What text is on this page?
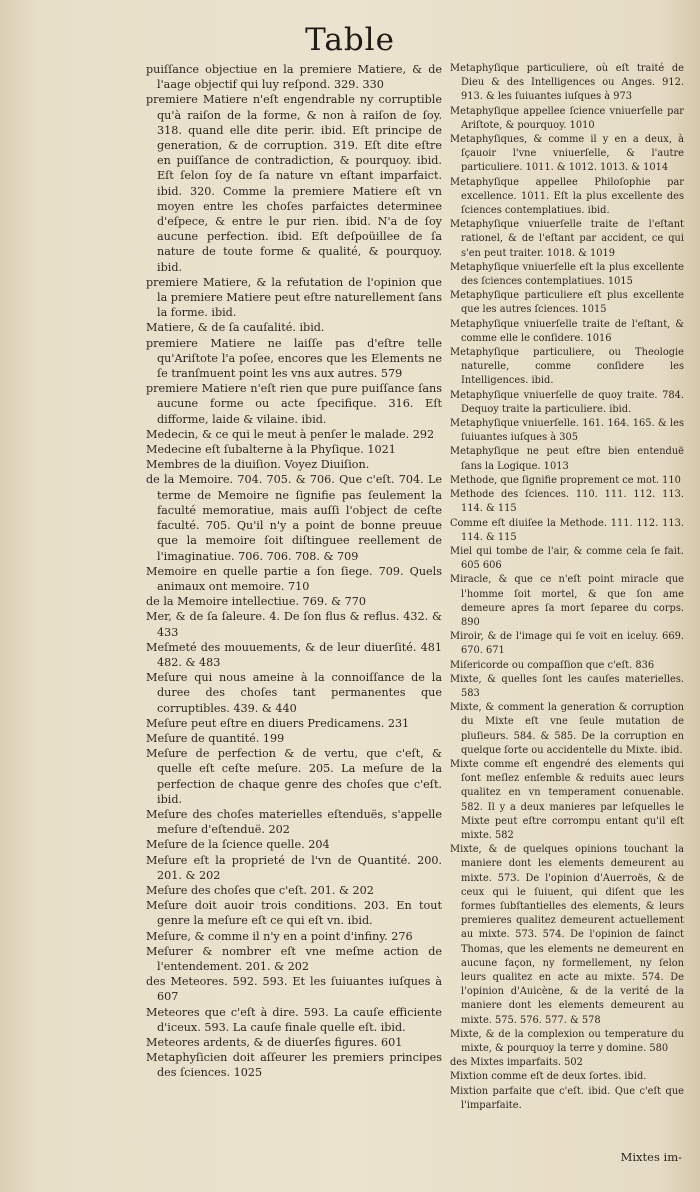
Table

puiſſance objectiue en la premiere Matiere, & de l'aage objectif qui luy reſpond. 329. 330

premiere Matiere n'eſt engendrable ny corruptible qu'à raiſon de la forme, & non à raiſon de ſoy. 318. quand elle dite perir. ibid. Eſt principe de generation, & de corruption. 319. Eſt dite eſtre en puiſſance de contradiction, & pourquoy. ibid. Eſt ſelon ſoy de ſa nature vn eſtant imparfaict. ibid. 320. Comme la premiere Matiere eſt vn moyen entre les choſes parfaictes determinee d'eſpece, & entre le pur rien. ibid. N'a de ſoy aucune perfection. ibid. Eſt deſpoüillee de ſa nature de toute forme & qualité, & pourquoy. ibid.

premiere Matiere, & la refutation de l'opinion que la premiere Matiere peut eſtre naturellement ſans la forme. ibid.

Matiere, & de ſa cauſalité. ibid.

premiere Matiere ne laiſſe pas d'eſtre telle qu'Ariſtote l'a poſee, encores que les Elements ne ſe tranſmuent point les vns aux autres. 579

premiere Matiere n'eſt rien que pure puiſſance ſans aucune forme ou acte ſpecifique. 316. Eſt difforme, laide & vilaine. ibid.

Medecin, & ce qui le meut à penſer le malade. 292

Medecine eſt ſubalterne à la Phyſique. 1021

Membres de la diuiſion. Voyez Diuiſion.

de la Memoire. 704. 705. & 706. Que c'eſt. 704. Le terme de Memoire ne ſignifie pas ſeulement la faculté memoratiue, mais auſſi l'object de ceſte faculté. 705. Qu'il n'y a point de bonne preuue que la memoire ſoit diſtinguee reellement de l'imaginatiue. 706. 706. 708. & 709

Memoire en quelle partie a ſon ſiege. 709. Quels animaux ont memoire. 710

de la Memoire intellectiue. 769. & 770

Mer, & de ſa ſaleure. 4. De ſon flus & reflus. 432. & 433

Meſmeté des mouuements, & de leur diuerſité. 481 482. & 483

Meſure qui nous ameine à la connoiſſance de la duree des choſes tant permanentes que corruptibles. 439. & 440

Meſure peut eſtre en diuers Predicamens. 231

Meſure de quantité. 199

Meſure de perfection & de vertu, que c'eſt, & quelle eſt ceſte meſure. 205. La meſure de la perfection de chaque genre des choſes que c'eſt. ibid.

Meſure des choſes materielles eſtenduës, s'appelle meſure d'eſtenduë. 202

Meſure de la ſcience quelle. 204

Meſure eſt la proprieté de l'vn de Quantité. 200. 201. & 202

Meſure des choſes que c'eſt. 201. & 202

Meſure doit auoir trois conditions. 203. En tout genre la meſure eſt ce qui eſt vn. ibid.

Meſure, & comme il n'y en a point d'infiny. 276

Meſurer & nombrer eſt vne meſme action de l'entendement. 201. & 202

des Meteores. 592. 593. Et les ſuiuantes iuſques à 607

Meteores que c'eſt à dire. 593. La cauſe efficiente d'iceux. 593. La cauſe finale quelle eſt. ibid.

Meteores ardents, & de diuerſes figures. 601

Metaphyſicien doit aſſeurer les premiers principes des ſciences. 1025

Metaphyſique particuliere, où eſt traité de Dieu & des Intelligences ou Anges. 912. 913. & les ſuiuantes iuſques à 973

Metaphyſique appellee ſcience vniuerſelle par Ariſtote, & pourquoy. 1010

Metaphyſiques, & comme il y en a deux, à ſçauoir l'vne vniuerſelle, & l'autre particuliere. 1011. & 1012. 1013. & 1014

Metaphyſique appellee Philoſophie par excellence. 1011. Eſt la plus excellente des ſciences contemplatiues. ibid.

Metaphyſique vniuerſelle traite de l'eſtant rationel, & de l'eſtant par accident, ce qui s'en peut traiter. 1018. & 1019

Metaphyſique vniuerſelle eſt la plus excellente des ſciences contemplatiues. 1015

Metaphyſique particuliere eſt plus excellente que les autres ſciences. 1015

Metaphyſique vniuerſelle traite de l'eſtant, & comme elle le conſidere. 1016

Metaphyſique particuliere, ou Theologie naturelle, comme conſidere les Intelligences. ibid.

Metaphyſique vniuerſelle de quoy traite. 784. Dequoy traite la particuliere. ibid.

Metaphyſique vniuerſelle. 161. 164. 165. & les ſuiuantes iuſques à 305

Metaphyſique ne peut eſtre bien entenduë ſans la Logique. 1013

Methode, que ſignifie proprement ce mot. 110

Methode des ſciences. 110. 111. 112. 113. 114. & 115

Comme eſt diuiſee la Methode. 111. 112. 113. 114. & 115

Miel qui tombe de l'air, & comme cela ſe fait. 605 606

Miracle, & que ce n'eſt point miracle que l'homme ſoit mortel, & que ſon ame demeure apres ſa mort ſeparee du corps. 890

Miroir, & de l'image qui ſe voit en iceluy. 669. 670. 671

Miſericorde ou compaſſion que c'eſt. 836

Mixte, & quelles ſont les cauſes materielles. 583

Mixte, & comment la generation & corruption du Mixte eſt vne ſeule mutation de pluſieurs. 584. & 585. De la corruption en quelque ſorte ou accidentelle du Mixte. ibid.

Mixte comme eſt engendré des elements qui ſont meſlez enſemble & reduits auec leurs qualitez en vn temperament conuenable. 582. Il y a deux manieres par leſquelles le Mixte peut eſtre corrompu entant qu'il eſt mixte. 582

Mixte, & de quelques opinions touchant la maniere dont les elements demeurent au mixte. 573. De l'opinion d'Auerroës, & de ceux qui le ſuiuent, qui diſent que les formes ſubſtantielles des elements, & leurs premieres qualitez demeurent actuellement au mixte. 573. 574. De l'opinion de ſainct Thomas, que les elements ne demeurent en aucune façon, ny formellement, ny ſelon leurs qualitez en acte au mixte. 574. De l'opinion d'Auicène, & de la verité de la maniere dont les elements demeurent au mixte. 575. 576. 577. & 578

Mixte, & de la complexion ou temperature du mixte, & pourquoy la terre y domine. 580

des Mixtes imparfaits. 502

Mixtion comme eſt de deux ſortes. ibid.

Mixtion parfaite que c'eſt. ibid. Que c'eſt que l'imparfaite.

Mixtes im-
